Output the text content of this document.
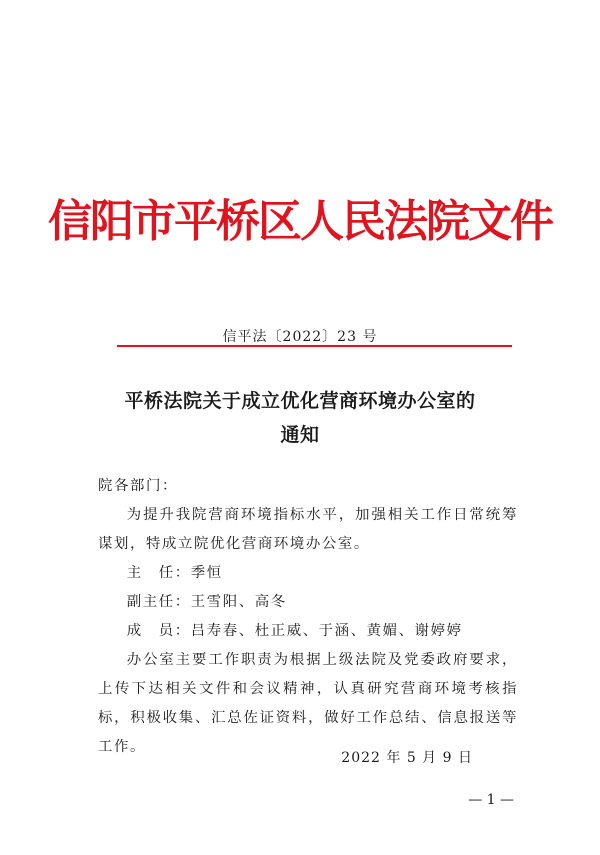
信阳市平桥区人民法院文件
信平法〔2022〕23 号
平桥法院关于成立优化营商环境办公室的
通知

院各部门：

为提升我院营商环境指标水平，加强相关工作日常统筹谋划，特成立院优化营商环境办公室。

主　任：季恒

副主任：王雪阳、高冬

成　员：吕寿春、杜正威、于涵、黄媚、谢婷婷

办公室主要工作职责为根据上级法院及党委政府要求，上传下达相关文件和会议精神，认真研究营商环境考核指标，积极收集、汇总佐证资料，做好工作总结、信息报送等工作。

2022 年 5 月 9 日
— 1 —
